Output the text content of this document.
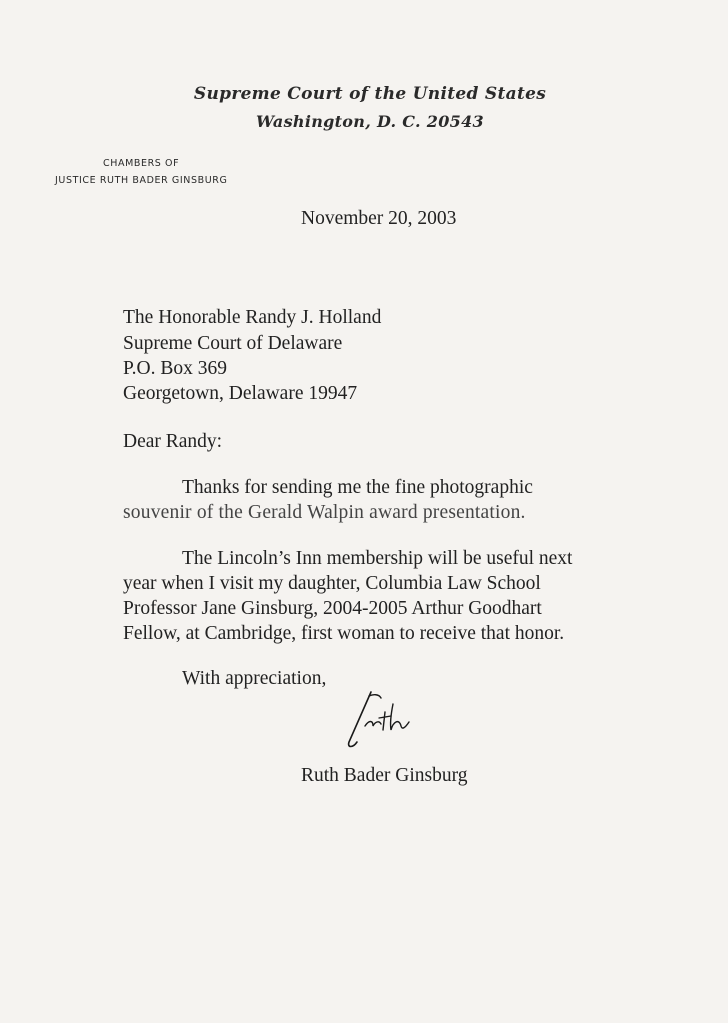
Supreme Court of the United States
Washington, D. C. 20543
CHAMBERS OF
JUSTICE RUTH BADER GINSBURG
November 20, 2003
The Honorable Randy J. Holland
Supreme Court of Delaware
P.O. Box 369
Georgetown, Delaware 19947
Dear Randy:
Thanks for sending me the fine photographic
souvenir of the Gerald Walpin award presentation.
The Lincoln’s Inn membership will be useful next
year when I visit my daughter, Columbia Law School
Professor Jane Ginsburg, 2004-2005 Arthur Goodhart
Fellow, at Cambridge, first woman to receive that honor.
With appreciation,
Ruth Bader Ginsburg
